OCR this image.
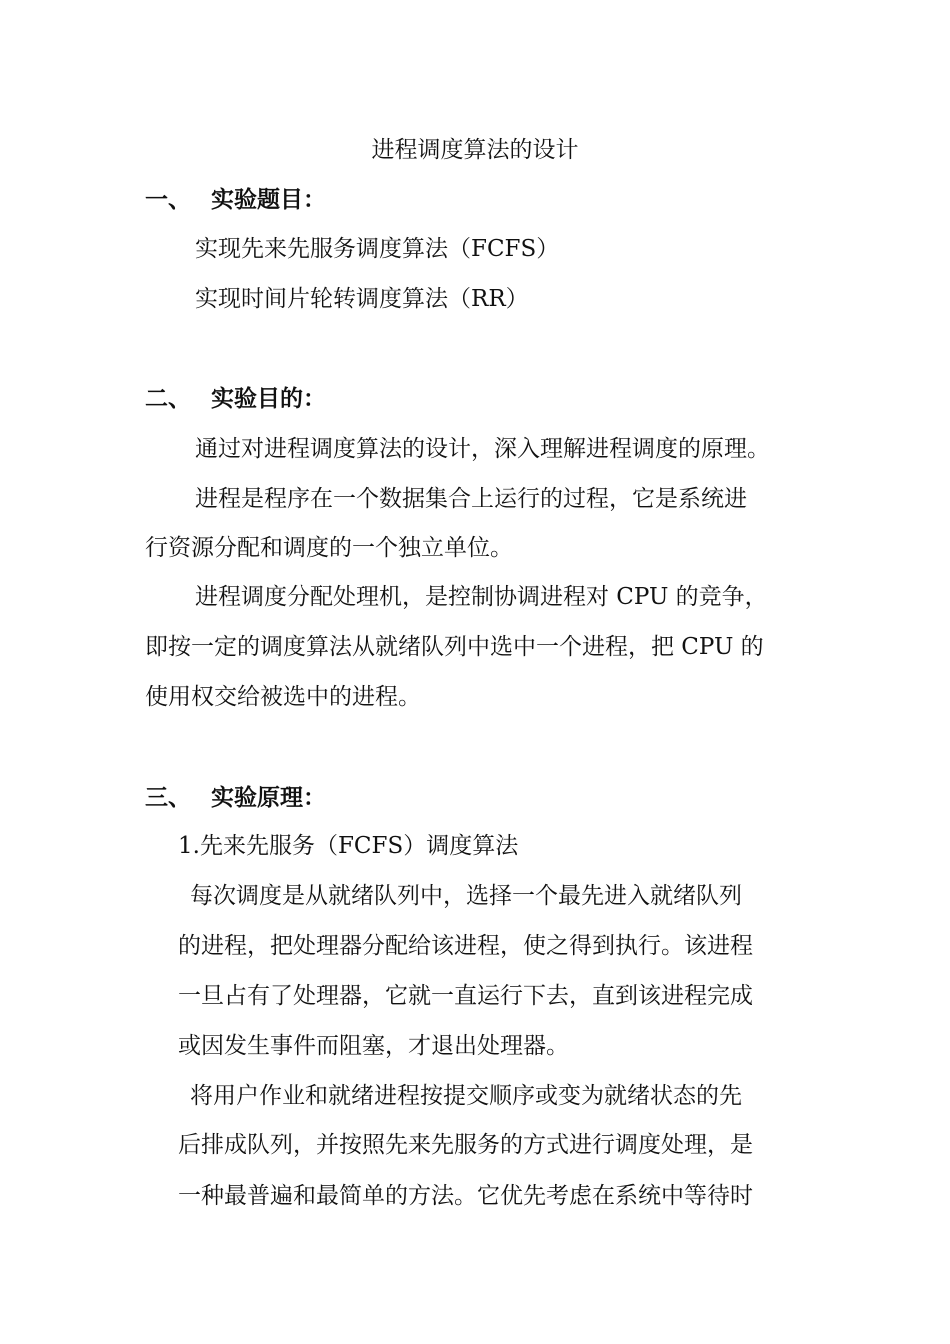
进程调度算法的设计
一、 实验题目：
实现先来先服务调度算法（FCFS）
实现时间片轮转调度算法（RR）
二、 实验目的：
通过对进程调度算法的设计，深入理解进程调度的原理。
进程是程序在一个数据集合上运行的过程，它是系统进
行资源分配和调度的一个独立单位。
进程调度分配处理机，是控制协调进程对 CPU 的竞争，
即按一定的调度算法从就绪队列中选中一个进程，把 CPU 的
使用权交给被选中的进程。
三、 实验原理：
1.先来先服务（FCFS）调度算法
每次调度是从就绪队列中，选择一个最先进入就绪队列
的进程，把处理器分配给该进程，使之得到执行。该进程
一旦占有了处理器，它就一直运行下去，直到该进程完成
或因发生事件而阻塞，才退出处理器。
将用户作业和就绪进程按提交顺序或变为就绪状态的先
后排成队列，并按照先来先服务的方式进行调度处理，是
一种最普遍和最简单的方法。它优先考虑在系统中等待时
